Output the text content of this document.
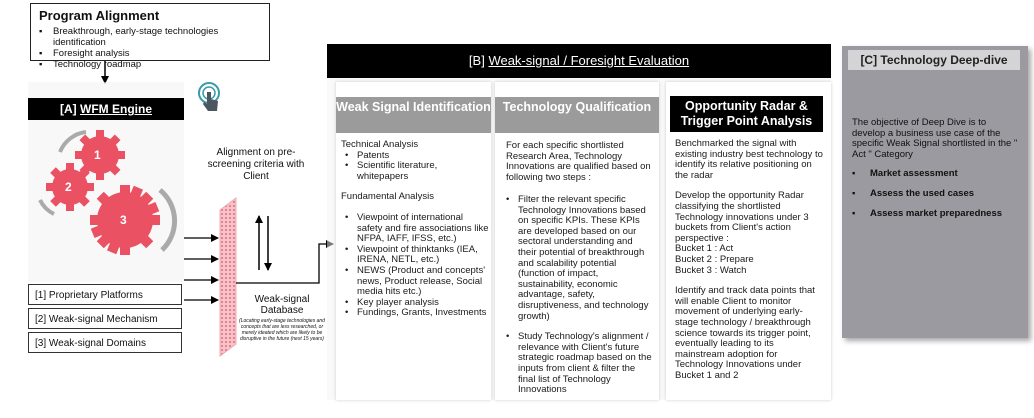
Program Alignment
▪ Breakthrough, early-stage technologies identification
▪ Foresight analysis
▪ Technology roadmap
[A] WFM Engine
1
2
3
[1] Proprietary Platforms
[2] Weak-signal Mechanism
[3] Weak-signal Domains
Alignment on pre-screening criteria with Client
Weak-signal Database
(Locating early-stage technologies and concepts that are less researched, or merely ideated which are likely to be disruptive in the future (next 15 years)
[B] Weak-signal / Foresight Evaluation
Weak Signal Identification
Technical Analysis
• Patents
• Scientific literature, whitepapers
Fundamental Analysis
• Viewpoint of international safety and fire associations like NFPA, IAFF, IFSS, etc.)
• Viewpoint of thinktanks (IEA, IRENA, NETL, etc.)
• NEWS (Product and concepts' news, Product release, Social media hits etc.)
• Key player analysis
• Fundings, Grants, Investments
Technology Qualification
For each specific shortlisted Research Area, Technology Innovations are qualified based on following two steps :
• Filter the relevant specific Technology Innovations based on specific KPIs. These KPIs are developed based on our sectoral understanding and their potential of breakthrough and scalability potential (function of impact, sustainability, economic advantage, safety, disruptiveness, and technology growth)
• Study Technology's alignment / relevance with Client's future strategic roadmap based on the inputs from client & filter the final list of Technology Innovations
Opportunity Radar & Trigger Point Analysis
Benchmarked the signal with existing industry best technology to identify its relative positioning on the radar
Develop the opportunity Radar classifying the shortlisted Technology innovations under 3 buckets from Client's action perspective :
Bucket 1 : Act
Bucket 2 : Prepare
Bucket 3 : Watch
Identify and track data points that will enable Client to monitor movement of underlying early-stage technology / breakthrough science towards its trigger point, eventually leading to its mainstream adoption for Technology Innovations under Bucket 1 and 2
[C] Technology Deep-dive
The objective of Deep Dive is to develop a business use case of the specific Weak Signal shortlisted in the " Act " Category
▪ Market assessment
▪ Assess the used cases
▪ Assess market preparedness
